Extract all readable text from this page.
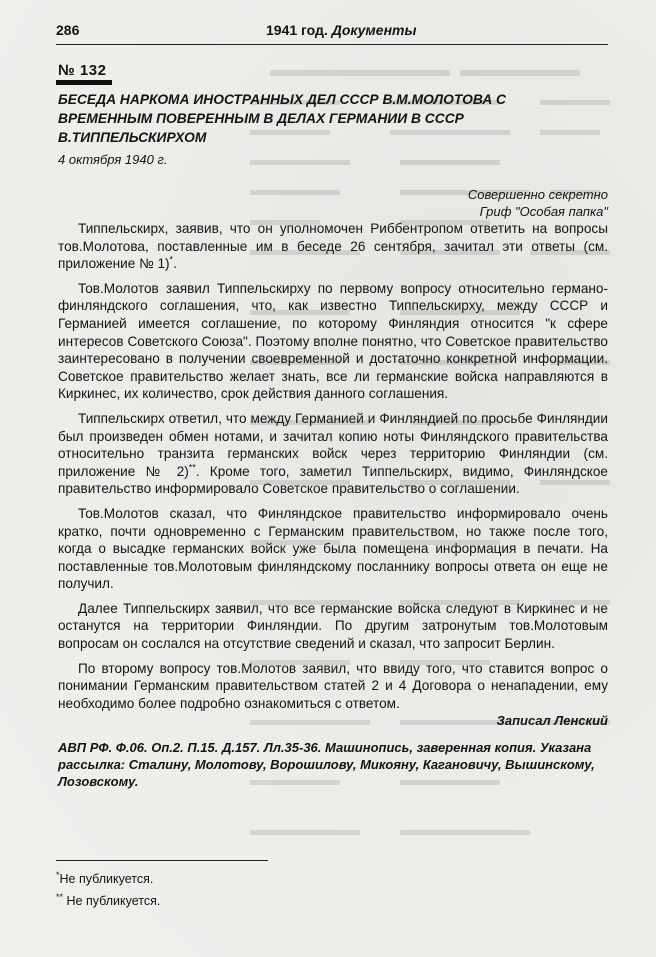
286	1941 год. Документы
№ 132
БЕСЕДА НАРКОМА ИНОСТРАННЫХ ДЕЛ СССР В.М.МОЛОТОВА С ВРЕМЕННЫМ ПОВЕРЕННЫМ В ДЕЛАХ ГЕРМАНИИ В СССР В.ТИППЕЛЬСКИРХОМ
4 октября 1940 г.
Совершенно секретно
Гриф "Особая папка"

Типпельскирх, заявив, что он уполномочен Риббентропом ответить на вопросы тов.Молотова, поставленные им в беседе 26 сентября, зачитал эти ответы (см. приложение № 1)*.

Тов.Молотов заявил Типпельскирху по первому вопросу относительно германо-финляндского соглашения, что, как известно Типпельскирху, между СССР и Германией имеется соглашение, по которому Финляндия относится "к сфере интересов Советского Союза". Поэтому вполне понятно, что Советское правительство заинтересовано в получении своевременной и достаточно конкретной информации. Советское правительство желает знать, все ли германские войска направляются в Киркинес, их количество, срок действия данного соглашения.

Типпельскирх ответил, что между Германией и Финляндией по просьбе Финляндии был произведен обмен нотами, и зачитал копию ноты Финляндского правительства относительно транзита германских войск через территорию Финляндии (см. приложение № 2)**. Кроме того, заметил Типпельскирх, видимо, Финляндское правительство информировало Советское правительство о соглашении.

Тов.Молотов сказал, что Финляндское правительство информировало очень кратко, почти одновременно с Германским правительством, но также после того, когда о высадке германских войск уже была помещена информация в печати. На поставленные тов.Молотовым финляндскому посланнику вопросы ответа он еще не получил.

Далее Типпельскирх заявил, что все германские войска следуют в Киркинес и не останутся на территории Финляндии. По другим затронутым тов.Молотовым вопросам он сослался на отсутствие сведений и сказал, что запросит Берлин.

По второму вопросу тов.Молотов заявил, что ввиду того, что ставится вопрос о понимании Германским правительством статей 2 и 4 Договора о ненападении, ему необходимо более подробно ознакомиться с ответом.

Записал Ленский
АВП РФ. Ф.06. Оп.2. П.15. Д.157. Лл.35-36. Машинопись, заверенная копия. Указана рассылка: Сталину, Молотову, Ворошилову, Микояну, Кагановичу, Вышинскому, Лозовскому.
*Не публикуется.
** Не публикуется.
